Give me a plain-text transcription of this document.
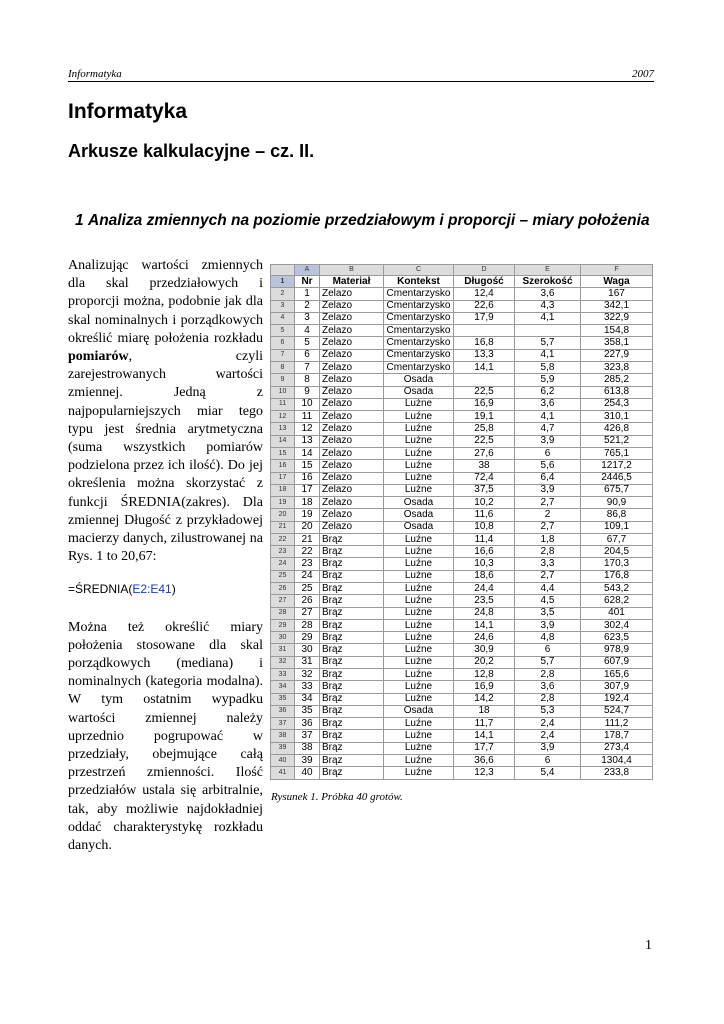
Informatyka	2007
Informatyka
Arkusze kalkulacyjne – cz. II.
1 Analiza zmiennych na poziomie przedziałowym i proporcji – miary położenia

Analizując wartości zmiennych dla skal przedziałowych i proporcji można, podobnie jak dla skal nominalnych i porządkowych określić miarę położenia rozkładu pomiarów, czyli zarejestrowanych wartości zmiennej. Jedną z najpopularniejszych miar tego typu jest średnia arytmetyczna (suma wszystkich pomiarów podzielona przez ich ilość). Do jej określenia można skorzystać z funkcji ŚREDNIA(zakres). Dla zmiennej Długość z przykładowej macierzy danych, zilustrowanej na Rys. 1 to 20,67:

=ŚREDNIA(E2:E41)

Można też określić miary położenia stosowane dla skal porządkowych (mediana) i nominalnych (kategoria modalna). W tym ostatnim wypadku wartości zmiennej należy uprzednio pogrupować w przedziały, obejmujące całą przestrzeń zmienności. Ilość przedziałów ustala się arbitralnie, tak, aby możliwie najdokładniej oddać charakterystykę rozkładu danych.

	A	B	C	D	E	F
1	Nr	Materiał	Kontekst	Długość	Szerokość	Waga
2	1	Żelazo	Cmentarzysko	12,4	3,6	167
3	2	Żelazo	Cmentarzysko	22,6	4,3	342,1
4	3	Żelazo	Cmentarzysko	17,9	4,1	322,9
5	4	Żelazo	Cmentarzysko			154,8
6	5	Żelazo	Cmentarzysko	16,8	5,7	358,1
7	6	Żelazo	Cmentarzysko	13,3	4,1	227,9
8	7	Żelazo	Cmentarzysko	14,1	5,8	323,8
9	8	Żelazo	Osada		5,9	285,2
10	9	Żelazo	Osada	22,5	6,2	613,8
11	10	Żelazo	Luźne	16,9	3,6	254,3
12	11	Żelazo	Luźne	19,1	4,1	310,1
13	12	Żelazo	Luźne	25,8	4,7	426,8
14	13	Żelazo	Luźne	22,5	3,9	521,2
15	14	Żelazo	Luźne	27,6	6	765,1
16	15	Żelazo	Luźne	38	5,6	1217,2
17	16	Żelazo	Luźne	72,4	6,4	2446,5
18	17	Żelazo	Luźne	37,5	3,9	675,7
19	18	Żelazo	Osada	10,2	2,7	90,9
20	19	Żelazo	Osada	11,6	2	86,8
21	20	Żelazo	Osada	10,8	2,7	109,1
22	21	Brąz	Luźne	11,4	1,8	67,7
23	22	Brąz	Luźne	16,6	2,8	204,5
24	23	Brąz	Luźne	10,3	3,3	170,3
25	24	Brąz	Luźne	18,6	2,7	176,8
26	25	Brąz	Luźne	24,4	4,4	543,2
27	26	Brąz	Luźne	23,5	4,5	628,2
28	27	Brąz	Luźne	24,8	3,5	401
29	28	Brąz	Luźne	14,1	3,9	302,4
30	29	Brąz	Luźne	24,6	4,8	623,5
31	30	Brąz	Luźne	30,9	6	978,9
32	31	Brąz	Luźne	20,2	5,7	607,9
33	32	Brąz	Luźne	12,8	2,8	165,6
34	33	Brąz	Luźne	16,9	3,6	307,9
35	34	Brąz	Luźne	14,2	2,8	192,4
36	35	Brąz	Osada	18	5,3	524,7
37	36	Brąz	Luźne	11,7	2,4	111,2
38	37	Brąz	Luźne	14,1	2,4	178,7
39	38	Brąz	Luźne	17,7	3,9	273,4
40	39	Brąz	Luźne	36,6	6	1304,4
41	40	Brąz	Luźne	12,3	5,4	233,8
Rysunek 1. Próbka 40 grotów.
1
